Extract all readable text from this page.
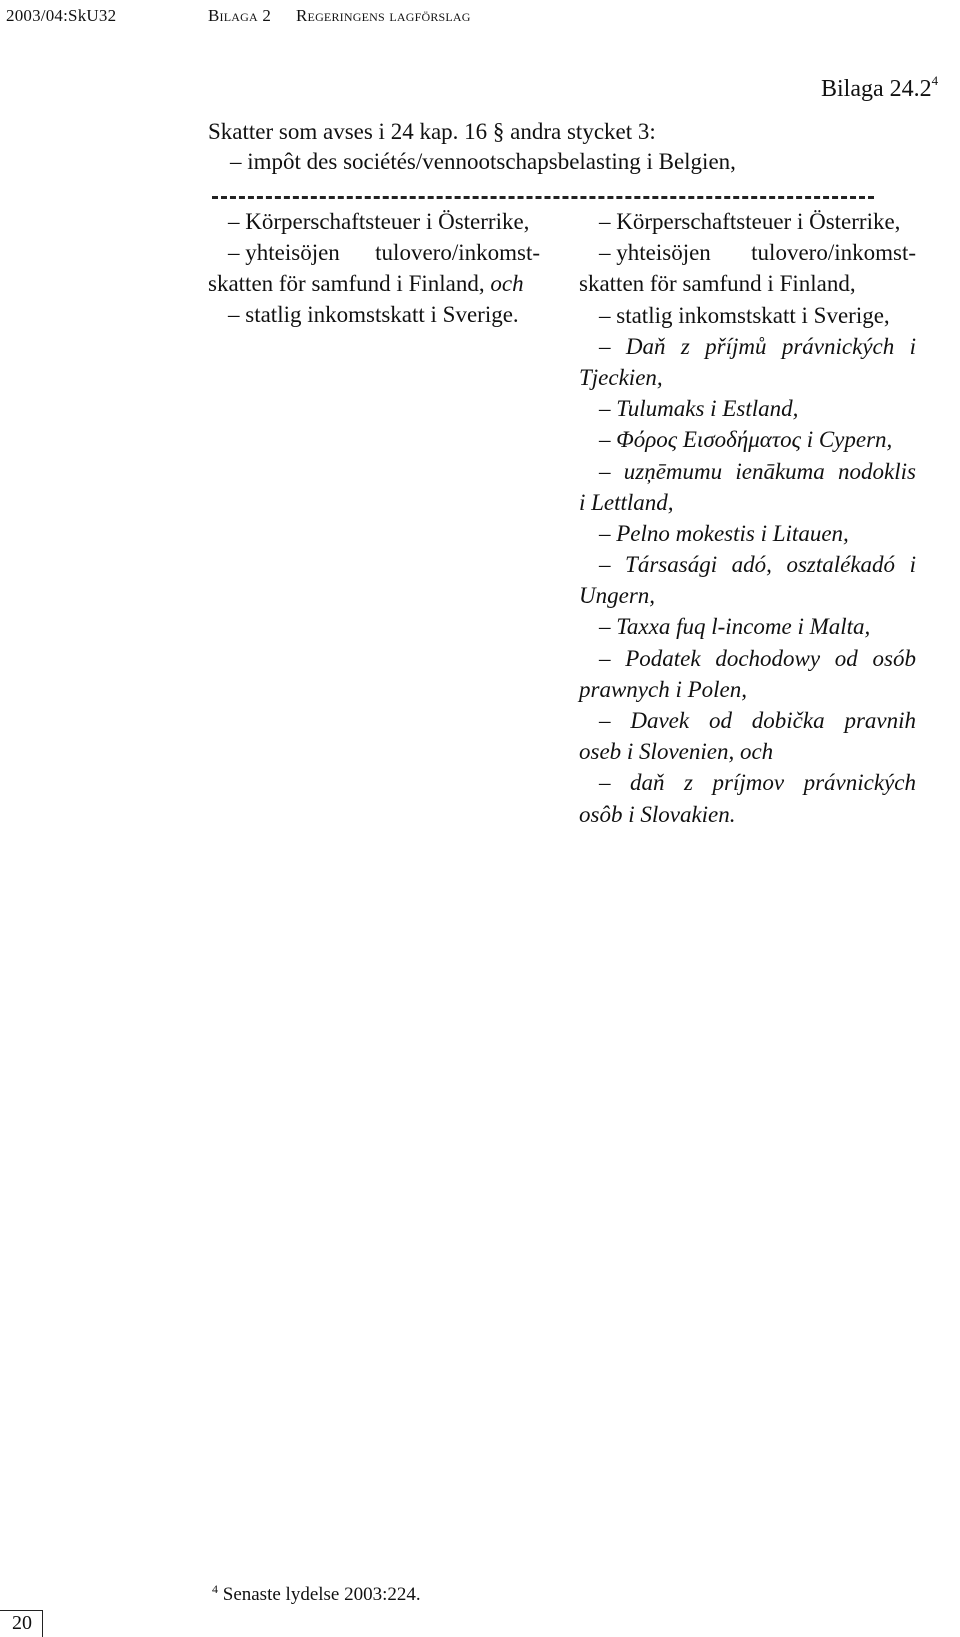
2003/04:SkU32	Bilaga 2 Regeringens lagförslag
Bilaga 24.2$^4$
Skatter som avses i 24 kap. 16 § andra stycket 3:
– impôt des sociétés/vennootschapsbelasting i Belgien,
– Körperschaftsteuer i Österrike,
– yhteisöjen tulovero/inkomst-
skatten för samfund i Finland, och
– statlig inkomstskatt i Sverige.
– Körperschaftsteuer i Österrike,
– yhteisöjen tulovero/inkomst-
skatten för samfund i Finland,
– statlig inkomstskatt i Sverige,
– Daň z příjmů právnických i
Tjeckien,
– Tulumaks i Estland,
– Φόρος Εισοδήματος i Cypern,
– uzņēmumu ienākuma nodoklis
i Lettland,
– Pelno mokestis i Litauen,
– Társasági adó, osztalékadó i
Ungern,
– Taxxa fuq l-income i Malta,
– Podatek dochodowy od osób
prawnych i Polen,
– Davek od dobička pravnih
oseb i Slovenien, och
– daň z príjmov právnických
osôb i Slovakien.
$^4$ Senaste lydelse 2003:224.
20
